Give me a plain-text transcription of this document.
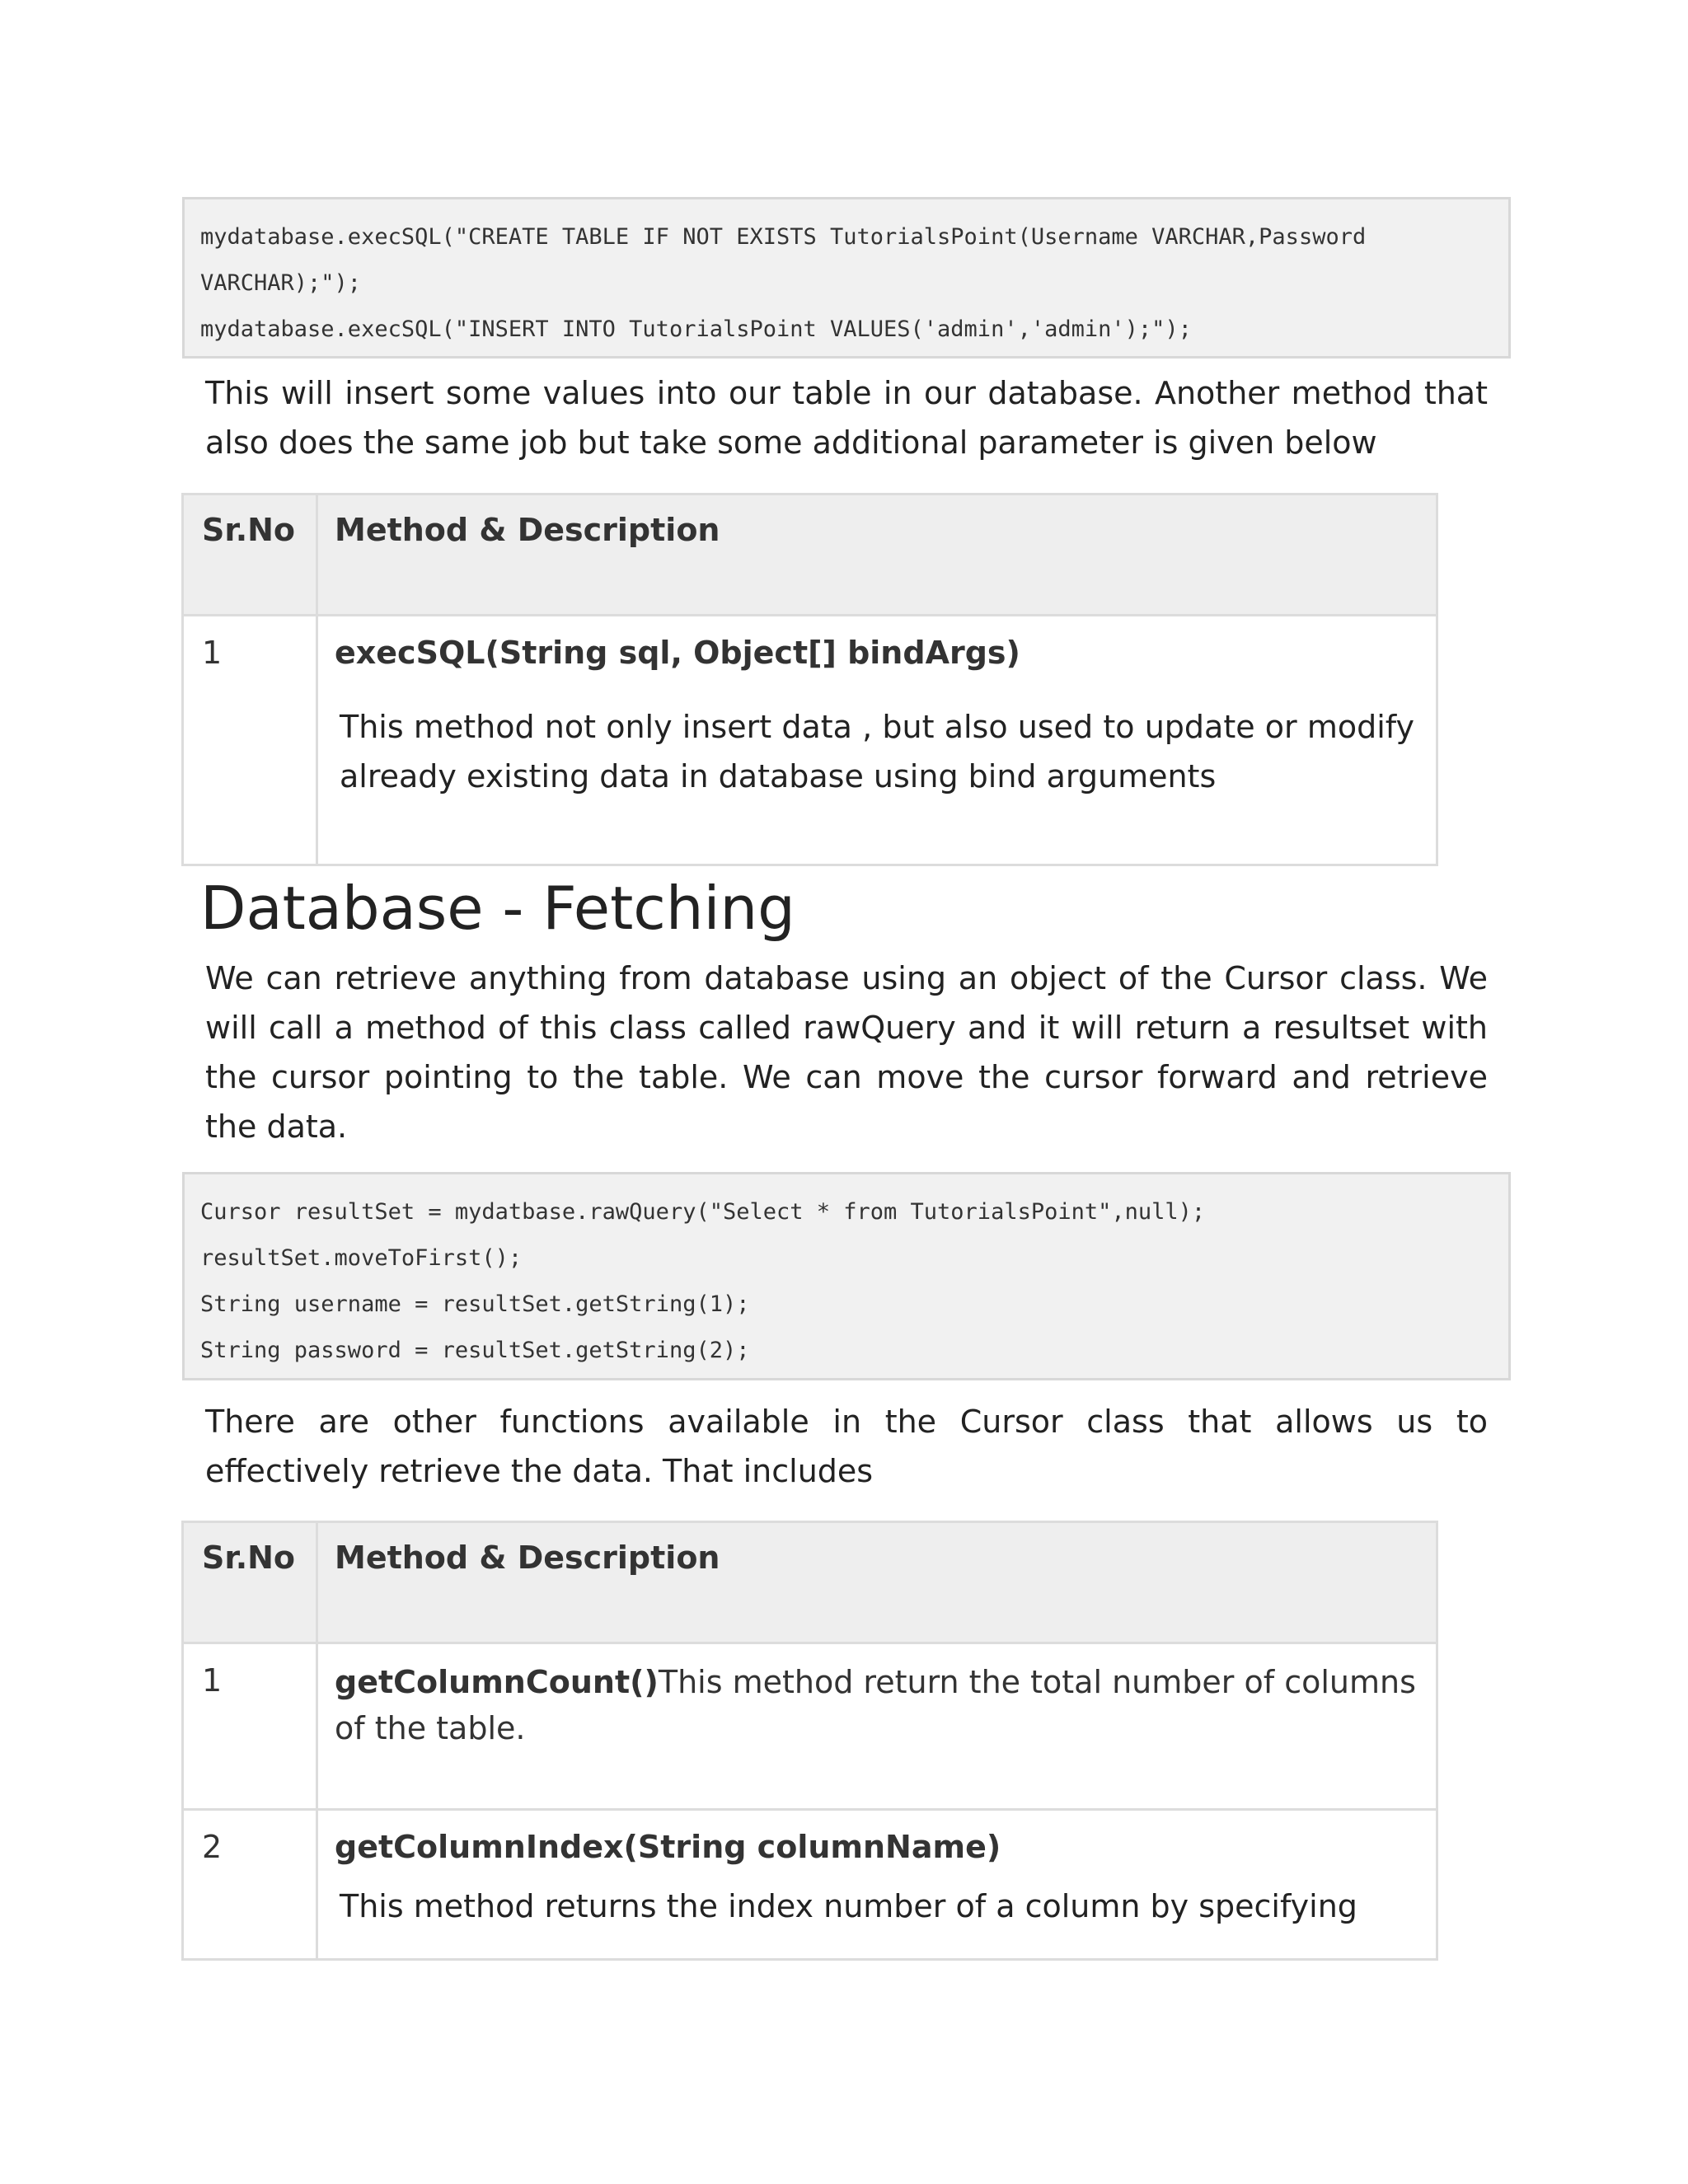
mydatabase.execSQL("CREATE TABLE IF NOT EXISTS TutorialsPoint(Username VARCHAR,Password
VARCHAR);");
mydatabase.execSQL("INSERT INTO TutorialsPoint VALUES('admin','admin');");
This will insert some values into our table in our database. Another method that also does the same job but take some additional parameter is given below
Sr.No	Method & Description

1	execSQL(String sql, Object[] bindArgs)
This method not only insert data , but also used to update or modify already existing data in database using bind arguments
Database - Fetching
We can retrieve anything from database using an object of the Cursor class. We will call a method of this class called rawQuery and it will return a resultset with the cursor pointing to the table. We can move the cursor forward and retrieve the data.
Cursor resultSet = mydatbase.rawQuery("Select * from TutorialsPoint",null);
resultSet.moveToFirst();
String username = resultSet.getString(1);
String password = resultSet.getString(2);
There are other functions available in the Cursor class that allows us to effectively retrieve the data. That includes
Sr.No	Method & Description

1	getColumnCount()This method return the total number of columns of the table.

2	getColumnIndex(String columnName)
This method returns the index number of a column by specifying
